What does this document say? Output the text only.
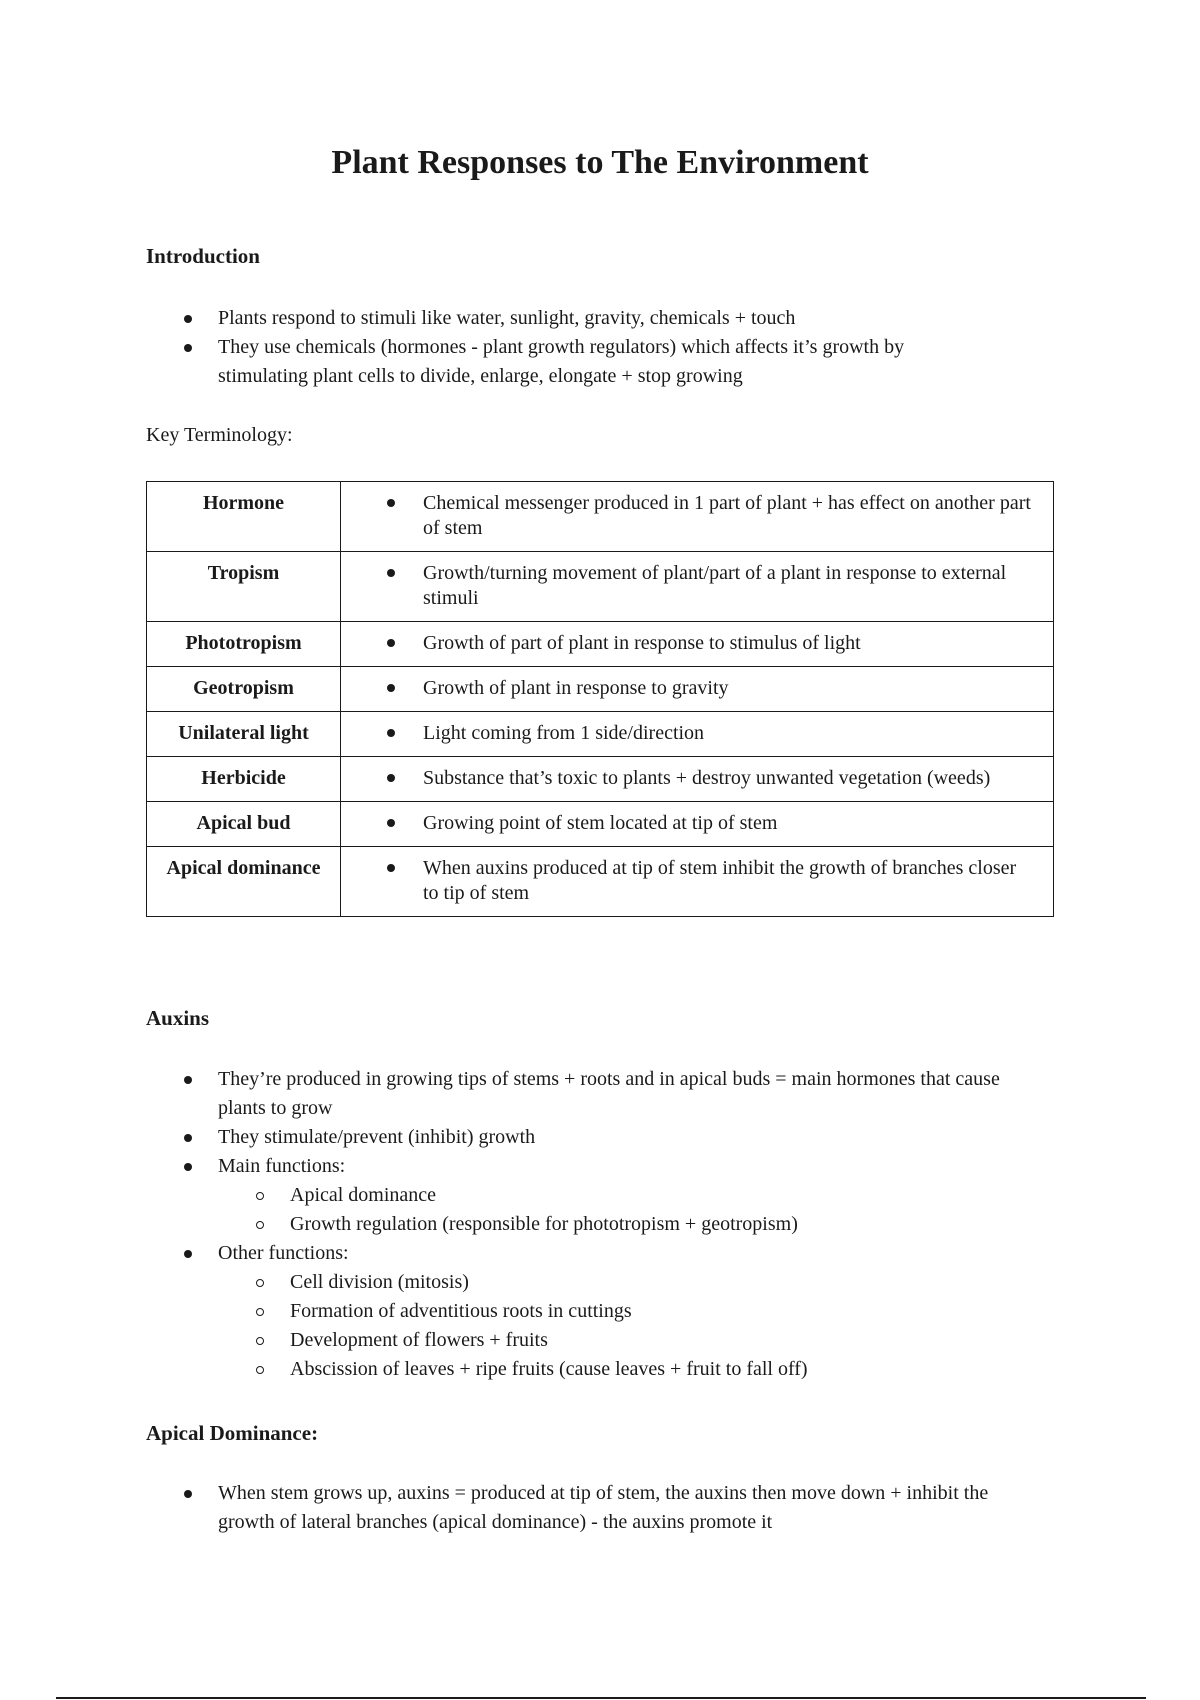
Plant Responses to The Environment
Introduction
Plants respond to stimuli like water, sunlight, gravity, chemicals + touch
They use chemicals (hormones - plant growth regulators) which affects it’s growth by stimulating plant cells to divide, enlarge, elongate + stop growing

Key Terminology:

Hormone	Chemical messenger produced in 1 part of plant + has effect on another part of stem
Tropism	Growth/turning movement of plant/part of a plant in response to external stimuli
Phototropism	Growth of part of plant in response to stimulus of light
Geotropism	Growth of plant in response to gravity
Unilateral light	Light coming from 1 side/direction
Herbicide	Substance that’s toxic to plants + destroy unwanted vegetation (weeds)
Apical bud	Growing point of stem located at tip of stem
Apical dominance	When auxins produced at tip of stem inhibit the growth of branches closer to tip of stem
Auxins
They’re produced in growing tips of stems + roots and in apical buds = main hormones that cause plants to grow
They stimulate/prevent (inhibit) growth
Main functions:
Apical dominance
Growth regulation (responsible for phototropism + geotropism)
Other functions:
Cell division (mitosis)
Formation of adventitious roots in cuttings
Development of flowers + fruits
Abscission of leaves + ripe fruits (cause leaves + fruit to fall off)
Apical Dominance:
When stem grows up, auxins = produced at tip of stem, the auxins then move down + inhibit the growth of lateral branches (apical dominance) - the auxins promote it
